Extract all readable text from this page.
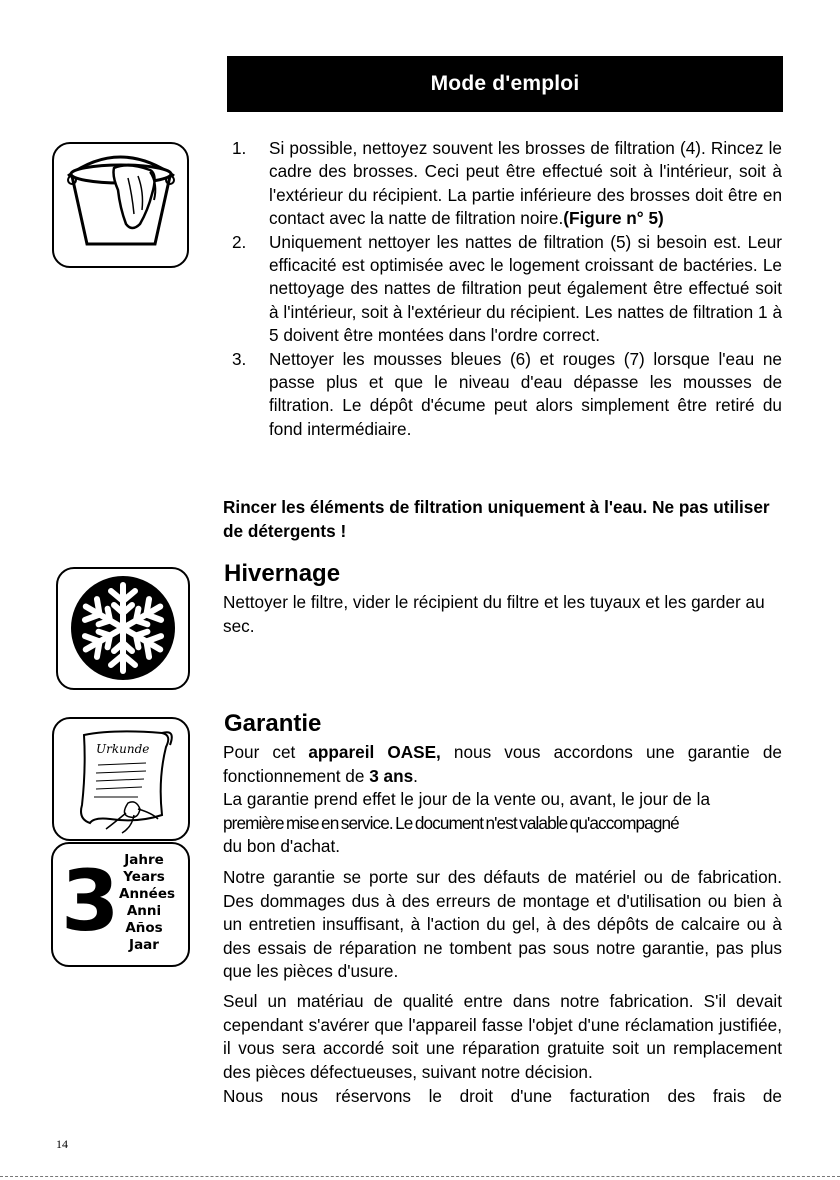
Mode d'emploi
1. Si possible, nettoyez souvent les brosses de filtration (4). Rincez le cadre des brosses. Ceci peut être effectué soit à l'intérieur, soit à l'extérieur du récipient. La partie inférieure des brosses doit être en contact avec la natte de filtration noire.(Figure n° 5)
2. Uniquement nettoyer les nattes de filtration (5) si besoin est. Leur efficacité est optimisée avec le logement croissant de bactéries. Le nettoyage des nattes de filtration peut également être effectué soit à l'intérieur, soit à l'extérieur du récipient. Les nattes de filtration 1 à 5 doivent être montées dans l'ordre correct.
3. Nettoyer les mousses bleues (6) et rouges (7) lorsque l'eau ne passe plus et que le niveau d'eau dépasse les mousses de filtration. Le dépôt d'écume peut alors simplement être retiré du fond intermédiaire.

Rincer les éléments de filtration uniquement à l'eau. Ne pas utiliser de détergents !

Hivernage

Nettoyer le filtre, vider le récipient du filtre et les tuyaux et les garder au sec.

Urkunde
3 Jahre
Years
Années
Anni
Años
Jaar
Garantie

Pour cet appareil OASE, nous vous accordons une garantie de fonctionnement de 3 ans.

La garantie prend effet le jour de la vente ou, avant, le jour de la
première mise en service. Le document n'est valable qu'accompagné
du bon d'achat.

Notre garantie se porte sur des défauts de matériel ou de fabrication. Des dommages dus à des erreurs de montage et d'utilisation ou bien à un entretien insuffisant, à l'action du gel, à des dépôts de calcaire ou à des essais de réparation ne tombent pas sous notre garantie, pas plus que les pièces d'usure.

Seul un matériau de qualité entre dans notre fabrication. S'il devait cependant s'avérer que l'appareil fasse l'objet d'une réclamation justifiée, il vous sera accordé soit une réparation gratuite soit un remplacement des pièces défectueuses, suivant notre décision.

Nous nous réservons le droit d'une facturation des frais de

14
